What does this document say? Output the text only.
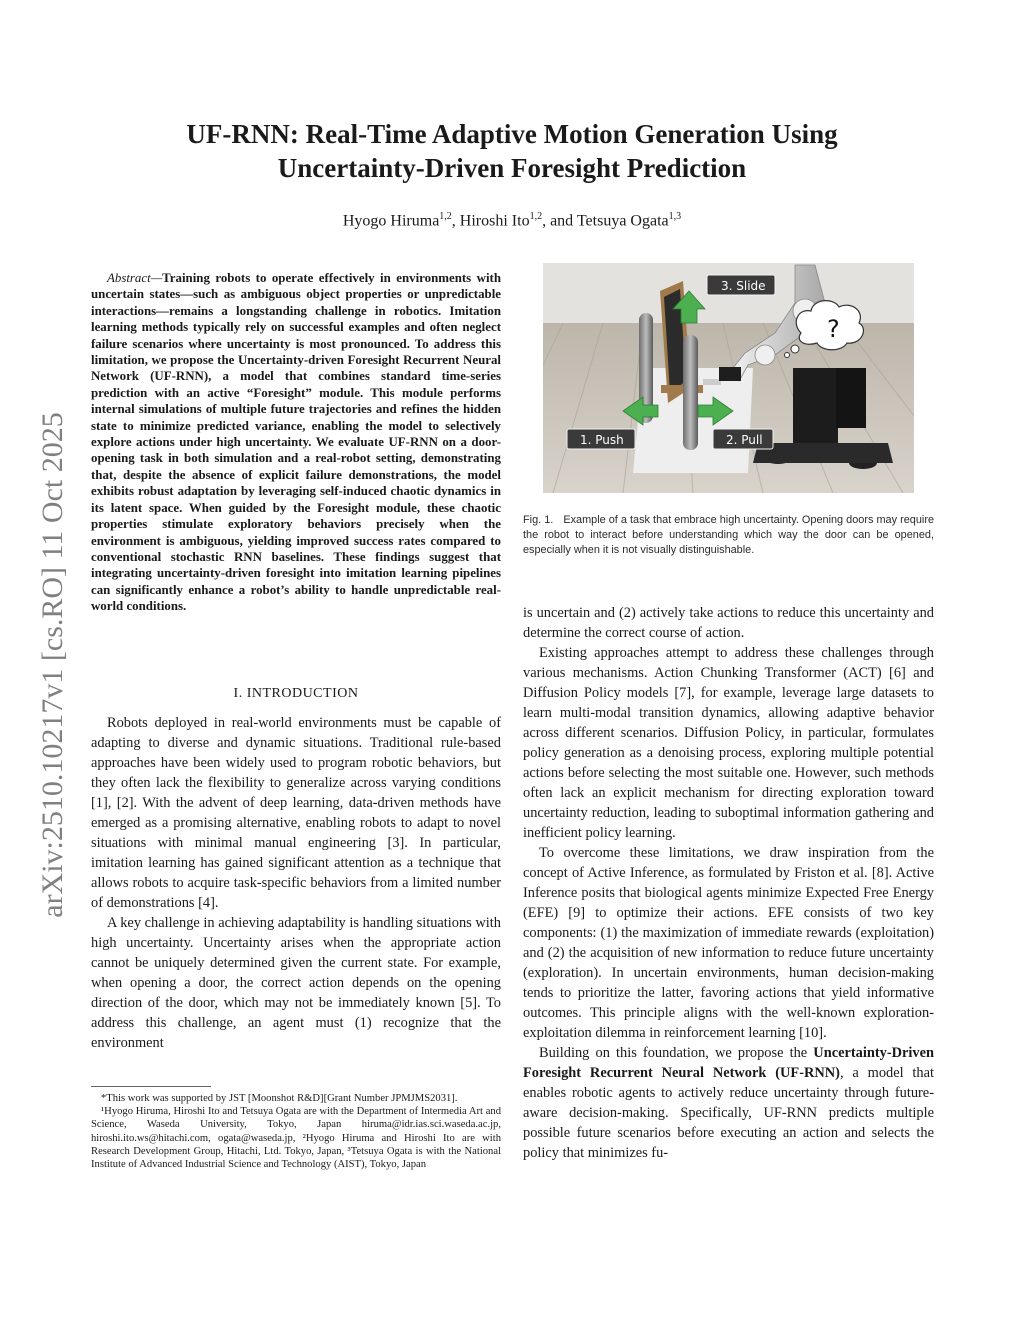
arXiv:2510.10217v1 [cs.RO] 11 Oct 2025
UF-RNN: Real-Time Adaptive Motion Generation Using
Uncertainty-Driven Foresight Prediction
Hyogo Hiruma$^{1,2}$, Hiroshi Ito$^{1,2}$, and Tetsuya Ogata$^{1,3}$
Abstract—Training robots to operate effectively in environments with uncertain states—such as ambiguous object properties or unpredictable interactions—remains a longstanding challenge in robotics. Imitation learning methods typically rely on successful examples and often neglect failure scenarios where uncertainty is most pronounced. To address this limitation, we propose the Uncertainty-driven Foresight Recurrent Neural Network (UF-RNN), a model that combines standard time-series prediction with an active “Foresight” module. This module performs internal simulations of multiple future trajectories and refines the hidden state to minimize predicted variance, enabling the model to selectively explore actions under high uncertainty. We evaluate UF-RNN on a door-opening task in both simulation and a real-robot setting, demonstrating that, despite the absence of explicit failure demonstrations, the model exhibits robust adaptation by leveraging self-induced chaotic dynamics in its latent space. When guided by the Foresight module, these chaotic properties stimulate exploratory behaviors precisely when the environment is ambiguous, yielding improved success rates compared to conventional stochastic RNN baselines. These findings suggest that integrating uncertainty-driven foresight into imitation learning pipelines can significantly enhance a robot’s ability to handle unpredictable real-world conditions.
I. INTRODUCTION

Robots deployed in real-world environments must be capable of adapting to diverse and dynamic situations. Traditional rule-based approaches have been widely used to program robotic behaviors, but they often lack the flexibility to generalize across varying conditions [1], [2]. With the advent of deep learning, data-driven methods have emerged as a promising alternative, enabling robots to adapt to novel situations with minimal manual engineering [3]. In particular, imitation learning has gained significant attention as a technique that allows robots to acquire task-specific behaviors from a limited number of demonstrations [4].

A key challenge in achieving adaptability is handling situations with high uncertainty. Uncertainty arises when the appropriate action cannot be uniquely determined given the current state. For example, when opening a door, the correct action depends on the opening direction of the door, which may not be immediately known [5]. To address this challenge, an agent must (1) recognize that the environment

*This work was supported by JST [Moonshot R&D][Grant Number JPMJMS2031].

¹Hyogo Hiruma, Hiroshi Ito and Tetsuya Ogata are with the Department of Intermedia Art and Science, Waseda University, Tokyo, Japan hiruma@idr.ias.sci.waseda.ac.jp, hiroshi.ito.ws@hitachi.com, ogata@waseda.jp, ²Hyogo Hiruma and Hiroshi Ito are with Research Development Group, Hitachi, Ltd. Tokyo, Japan, ³Tetsuya Ogata is with the National Institute of Advanced Industrial Science and Technology (AIST), Tokyo, Japan

?
3. Slide
1. Push	2. Pull
Fig. 1. Example of a task that embrace high uncertainty. Opening doors may require the robot to interact before understanding which way the door can be opened, especially when it is not visually distinguishable.

is uncertain and (2) actively take actions to reduce this uncertainty and determine the correct course of action.

Existing approaches attempt to address these challenges through various mechanisms. Action Chunking Transformer (ACT) [6] and Diffusion Policy models [7], for example, leverage large datasets to learn multi-modal transition dynamics, allowing adaptive behavior across different scenarios. Diffusion Policy, in particular, formulates policy generation as a denoising process, exploring multiple potential actions before selecting the most suitable one. However, such methods often lack an explicit mechanism for directing exploration toward uncertainty reduction, leading to suboptimal information gathering and inefficient policy learning.

To overcome these limitations, we draw inspiration from the concept of Active Inference, as formulated by Friston et al. [8]. Active Inference posits that biological agents minimize Expected Free Energy (EFE) [9] to optimize their actions. EFE consists of two key components: (1) the maximization of immediate rewards (exploitation) and (2) the acquisition of new information to reduce future uncertainty (exploration). In uncertain environments, human decision-making tends to prioritize the latter, favoring actions that yield informative outcomes. This principle aligns with the well-known exploration-exploitation dilemma in reinforcement learning [10].

Building on this foundation, we propose the Uncertainty-Driven Foresight Recurrent Neural Network (UF-RNN), a model that enables robotic agents to actively reduce uncertainty through future-aware decision-making. Specifically, UF-RNN predicts multiple possible future scenarios before executing an action and selects the policy that minimizes fu-
